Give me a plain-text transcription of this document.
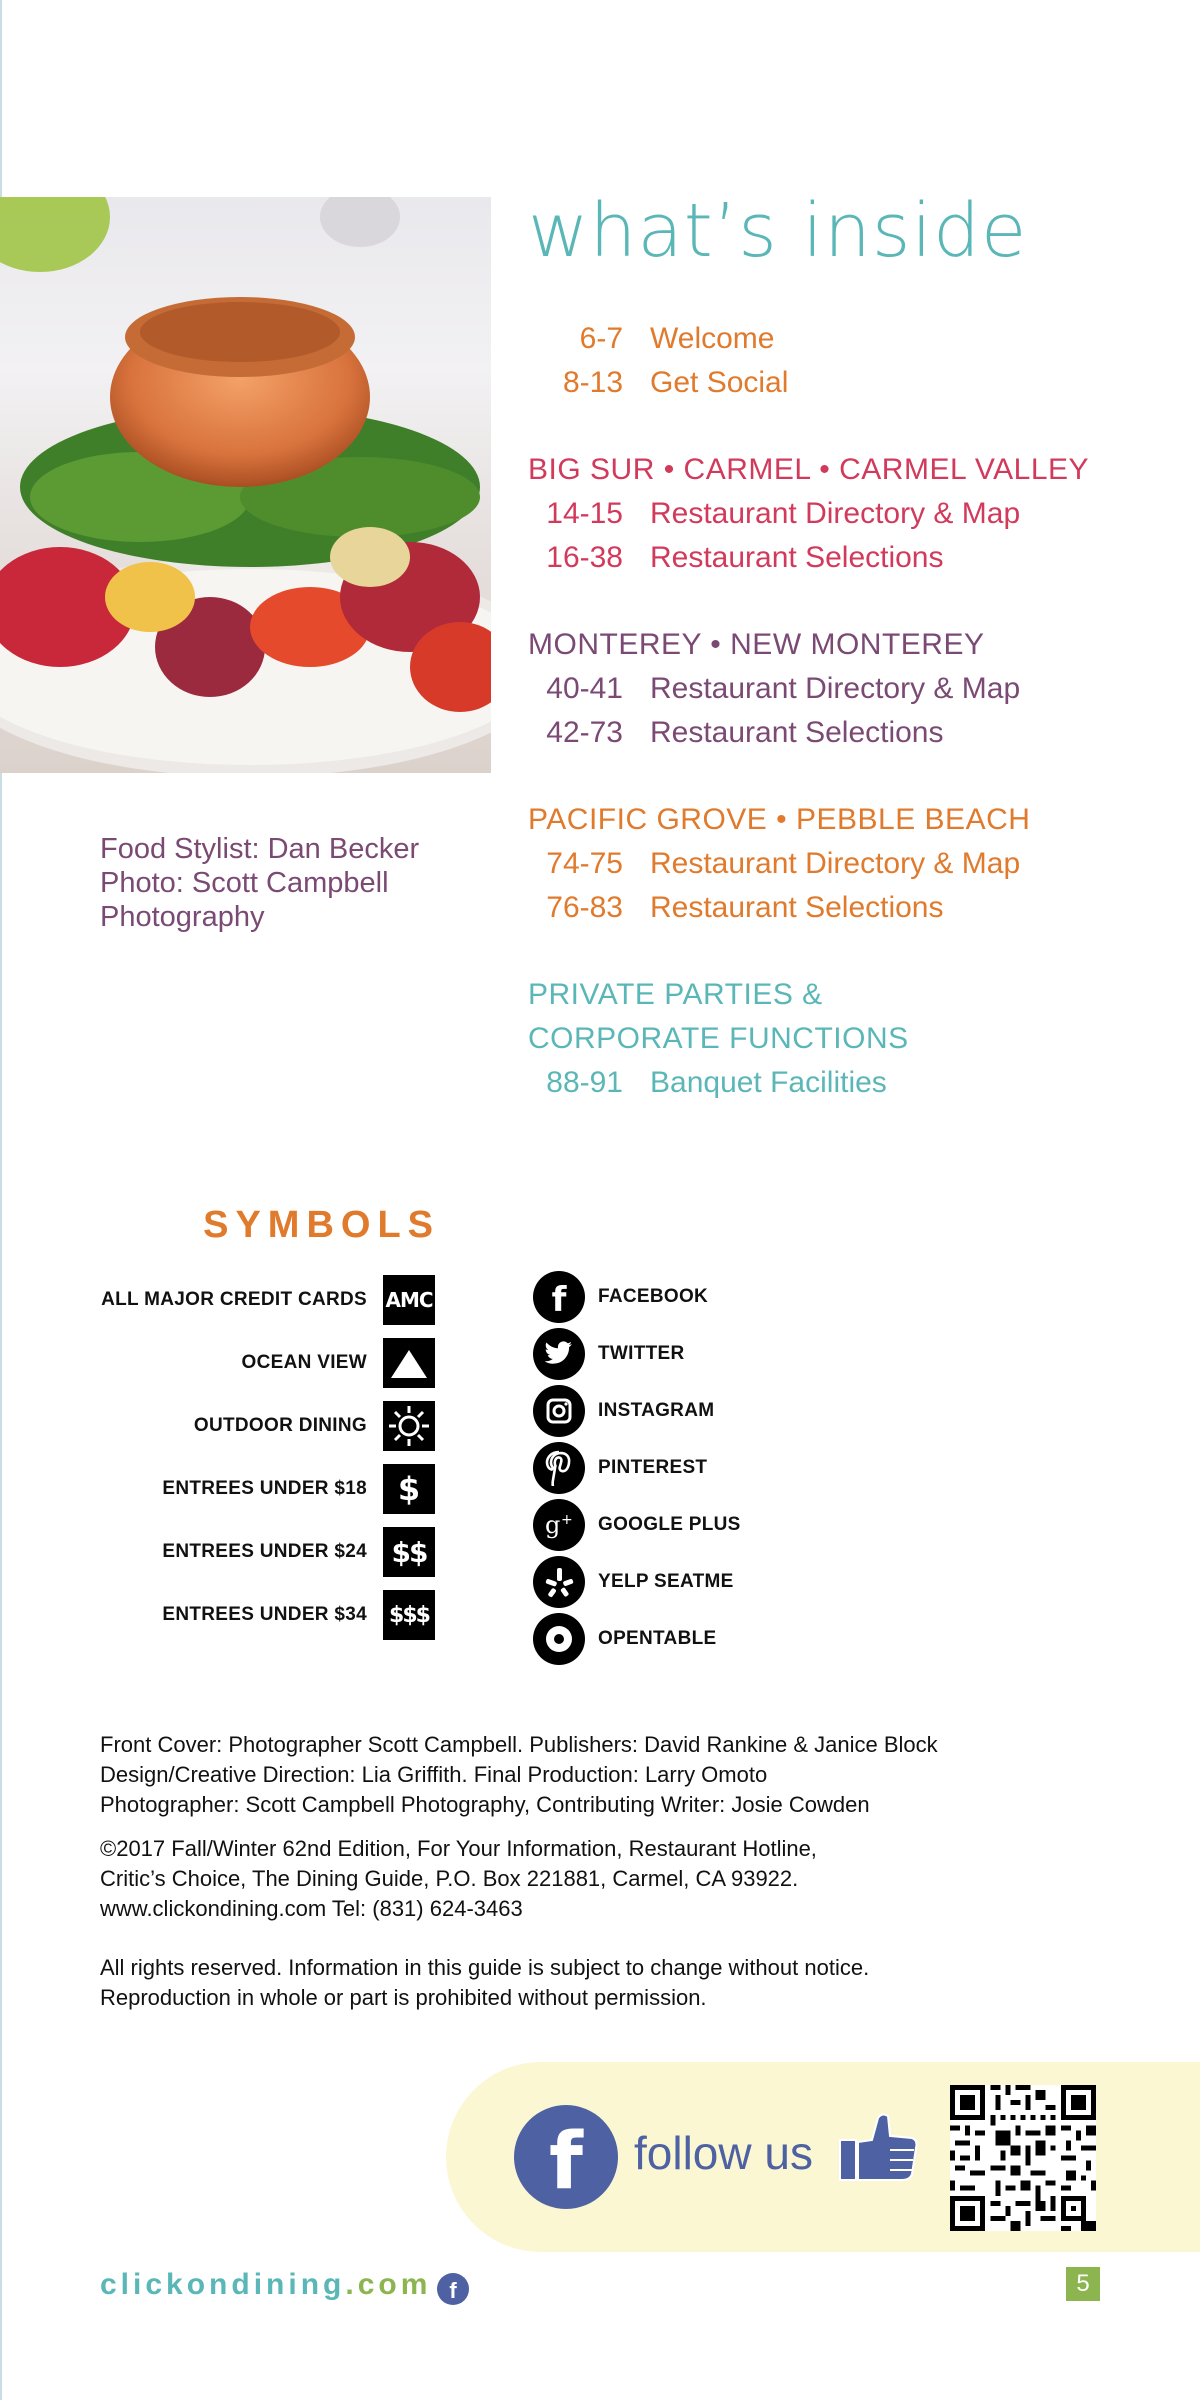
Food Stylist: Dan Becker
Photo: Scott Campbell
Photography
what’s inside
6-7 Welcome
8-13 Get Social
BIG SUR • CARMEL • CARMEL VALLEY
14-15 Restaurant Directory & Map
16-38 Restaurant Selections
MONTEREY • NEW MONTEREY
40-41 Restaurant Directory & Map
42-73 Restaurant Selections
PACIFIC GROVE • PEBBLE BEACH
74-75 Restaurant Directory & Map
76-83 Restaurant Selections
PRIVATE PARTIES &
CORPORATE FUNCTIONS
88-91 Banquet Facilities
SYMBOLS
ALL MAJOR CREDIT CARDS AMC
OCEAN VIEW
OUTDOOR DINING
ENTREES UNDER $18 $
ENTREES UNDER $24 $$
ENTREES UNDER $34 $$$
f FACEBOOK
TWITTER
INSTAGRAM
PINTEREST
g + GOOGLE PLUS
YELP SEATME
OPENTABLE
Front Cover: Photographer Scott Campbell. Publishers: David Rankine & Janice Block
Design/Creative Direction: Lia Griffith. Final Production: Larry Omoto
Photographer: Scott Campbell Photography, Contributing Writer: Josie Cowden
©2017 Fall/Winter 62nd Edition, For Your Information, Restaurant Hotline,
Critic’s Choice, The Dining Guide, P.O. Box 221881, Carmel, CA 93922.
www.clickondining.com Tel: (831) 624-3463
All rights reserved. Information in this guide is subject to change without notice.
Reproduction in whole or part is prohibited without permission.
f follow us
clickondining.com f	5
